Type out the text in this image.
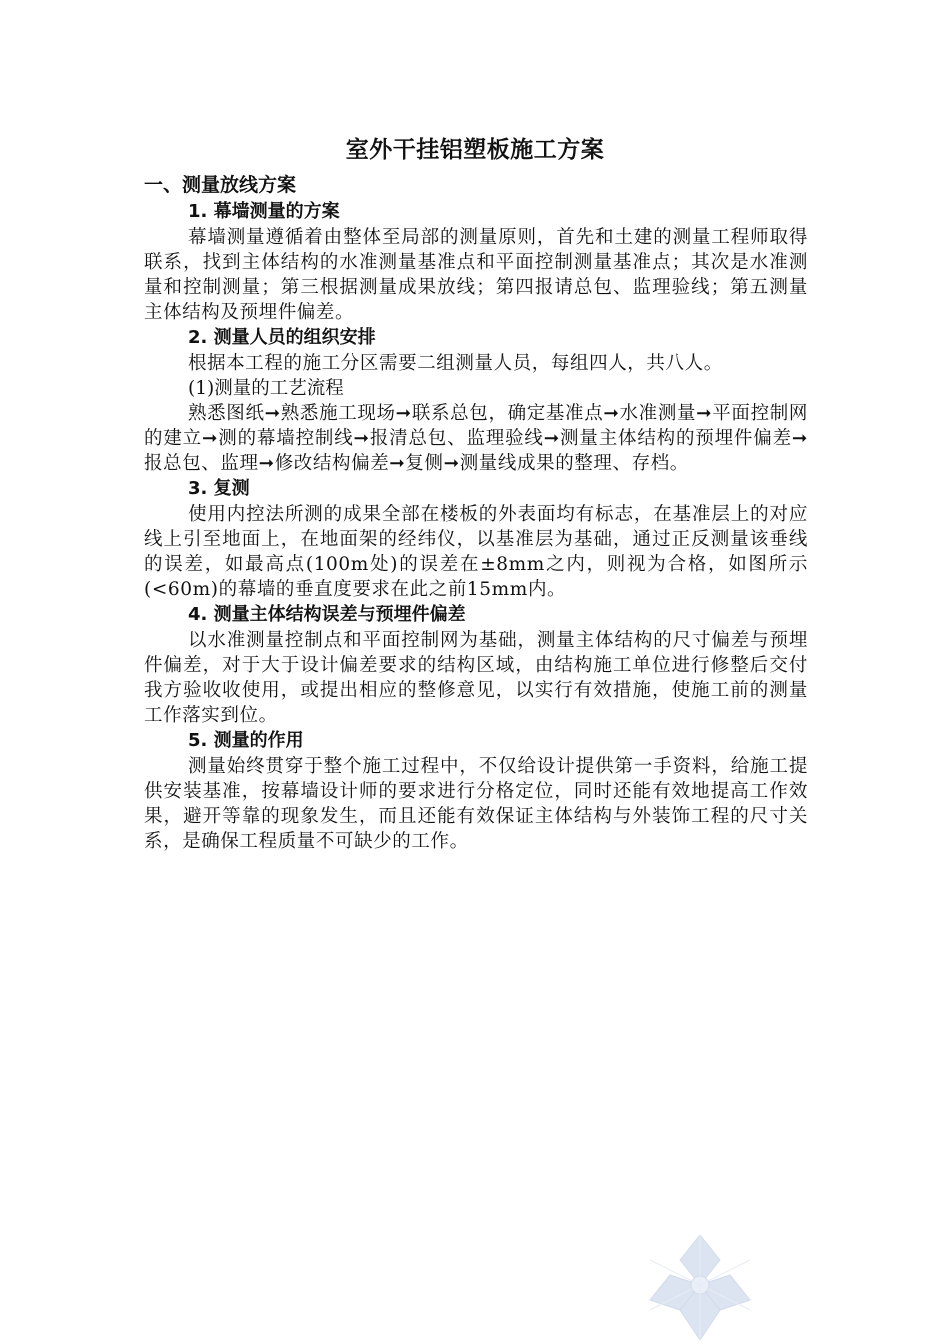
室外干挂铝塑板施工方案

一、测量放线方案

1. 幕墙测量的方案

幕墙测量遵循着由整体至局部的测量原则，首先和土建的测量工程师取得联系，找到主体结构的水准测量基准点和平面控制测量基准点；其次是水准测量和控制测量；第三根据测量成果放线；第四报请总包、监理验线；第五测量主体结构及预埋件偏差。

2. 测量人员的组织安排

根据本工程的施工分区需要二组测量人员，每组四人，共八人。

(1)测量的工艺流程

熟悉图纸➞熟悉施工现场➞联系总包，确定基准点➞水准测量➞平面控制网的建立➞测的幕墙控制线➞报清总包、监理验线➞测量主体结构的预埋件偏差➞报总包、监理➞修改结构偏差➞复侧➞测量线成果的整理、存档。

3. 复测

使用内控法所测的成果全部在楼板的外表面均有标志，在基准层上的对应线上引至地面上，在地面架的经纬仪，以基准层为基础，通过正反测量该垂线的误差，如最高点(100m处)的误差在±8mm之内，则视为合格，如图所示(<60m)的幕墙的垂直度要求在此之前15mm内。

4. 测量主体结构误差与预埋件偏差

以水准测量控制点和平面控制网为基础，测量主体结构的尺寸偏差与预埋件偏差，对于大于设计偏差要求的结构区域，由结构施工单位进行修整后交付我方验收收使用，或提出相应的整修意见，以实行有效措施，使施工前的测量工作落实到位。

5. 测量的作用

测量始终贯穿于整个施工过程中，不仅给设计提供第一手资料，给施工提供安装基准，按幕墙设计师的要求进行分格定位，同时还能有效地提高工作效果，避开等靠的现象发生，而且还能有效保证主体结构与外装饰工程的尺寸关系，是确保工程质量不可缺少的工作。
